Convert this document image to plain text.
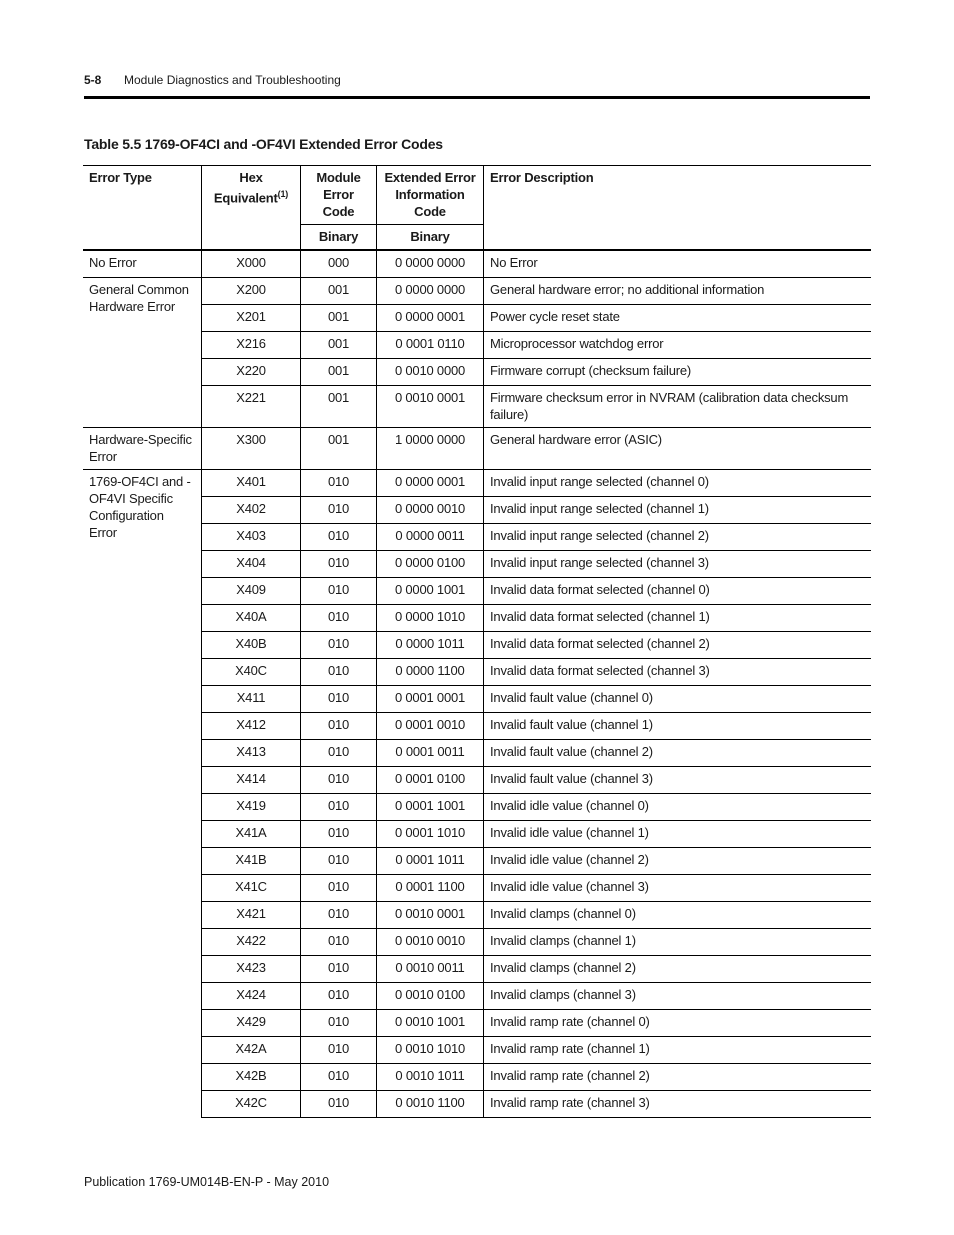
5-8 Module Diagnostics and Troubleshooting
Table 5.5 1769-OF4CI and -OF4VI Extended Error Codes
Error Type	Hex Equivalent$^{(1)}$	Module Error Code	Extended Error Information Code	Error Description
		Binary	Binary	
No Error	X000	000	0 0000 0000	No Error
General Common Hardware Error	X200	001	0 0000 0000	General hardware error; no additional information
	X201	001	0 0000 0001	Power cycle reset state
	X216	001	0 0001 0110	Microprocessor watchdog error
	X220	001	0 0010 0000	Firmware corrupt (checksum failure)
	X221	001	0 0010 0001	Firmware checksum error in NVRAM (calibration data checksum failure)
Hardware-Specific Error	X300	001	1 0000 0000	General hardware error (ASIC)
1769-OF4CI and -OF4VI Specific Configuration Error	X401	010	0 0000 0001	Invalid input range selected (channel 0)
	X402	010	0 0000 0010	Invalid input range selected (channel 1)
	X403	010	0 0000 0011	Invalid input range selected (channel 2)
	X404	010	0 0000 0100	Invalid input range selected (channel 3)
	X409	010	0 0000 1001	Invalid data format selected (channel 0)
	X40A	010	0 0000 1010	Invalid data format selected (channel 1)
	X40B	010	0 0000 1011	Invalid data format selected (channel 2)
	X40C	010	0 0000 1100	Invalid data format selected (channel 3)
	X411	010	0 0001 0001	Invalid fault value (channel 0)
	X412	010	0 0001 0010	Invalid fault value (channel 1)
	X413	010	0 0001 0011	Invalid fault value (channel 2)
	X414	010	0 0001 0100	Invalid fault value (channel 3)
	X419	010	0 0001 1001	Invalid idle value (channel 0)
	X41A	010	0 0001 1010	Invalid idle value (channel 1)
	X41B	010	0 0001 1011	Invalid idle value (channel 2)
	X41C	010	0 0001 1100	Invalid idle value (channel 3)
	X421	010	0 0010 0001	Invalid clamps (channel 0)
	X422	010	0 0010 0010	Invalid clamps (channel 1)
	X423	010	0 0010 0011	Invalid clamps (channel 2)
	X424	010	0 0010 0100	Invalid clamps (channel 3)
	X429	010	0 0010 1001	Invalid ramp rate (channel 0)
	X42A	010	0 0010 1010	Invalid ramp rate (channel 1)
	X42B	010	0 0010 1011	Invalid ramp rate (channel 2)
	X42C	010	0 0010 1100	Invalid ramp rate (channel 3)
Publication 1769-UM014B-EN-P - May 2010
